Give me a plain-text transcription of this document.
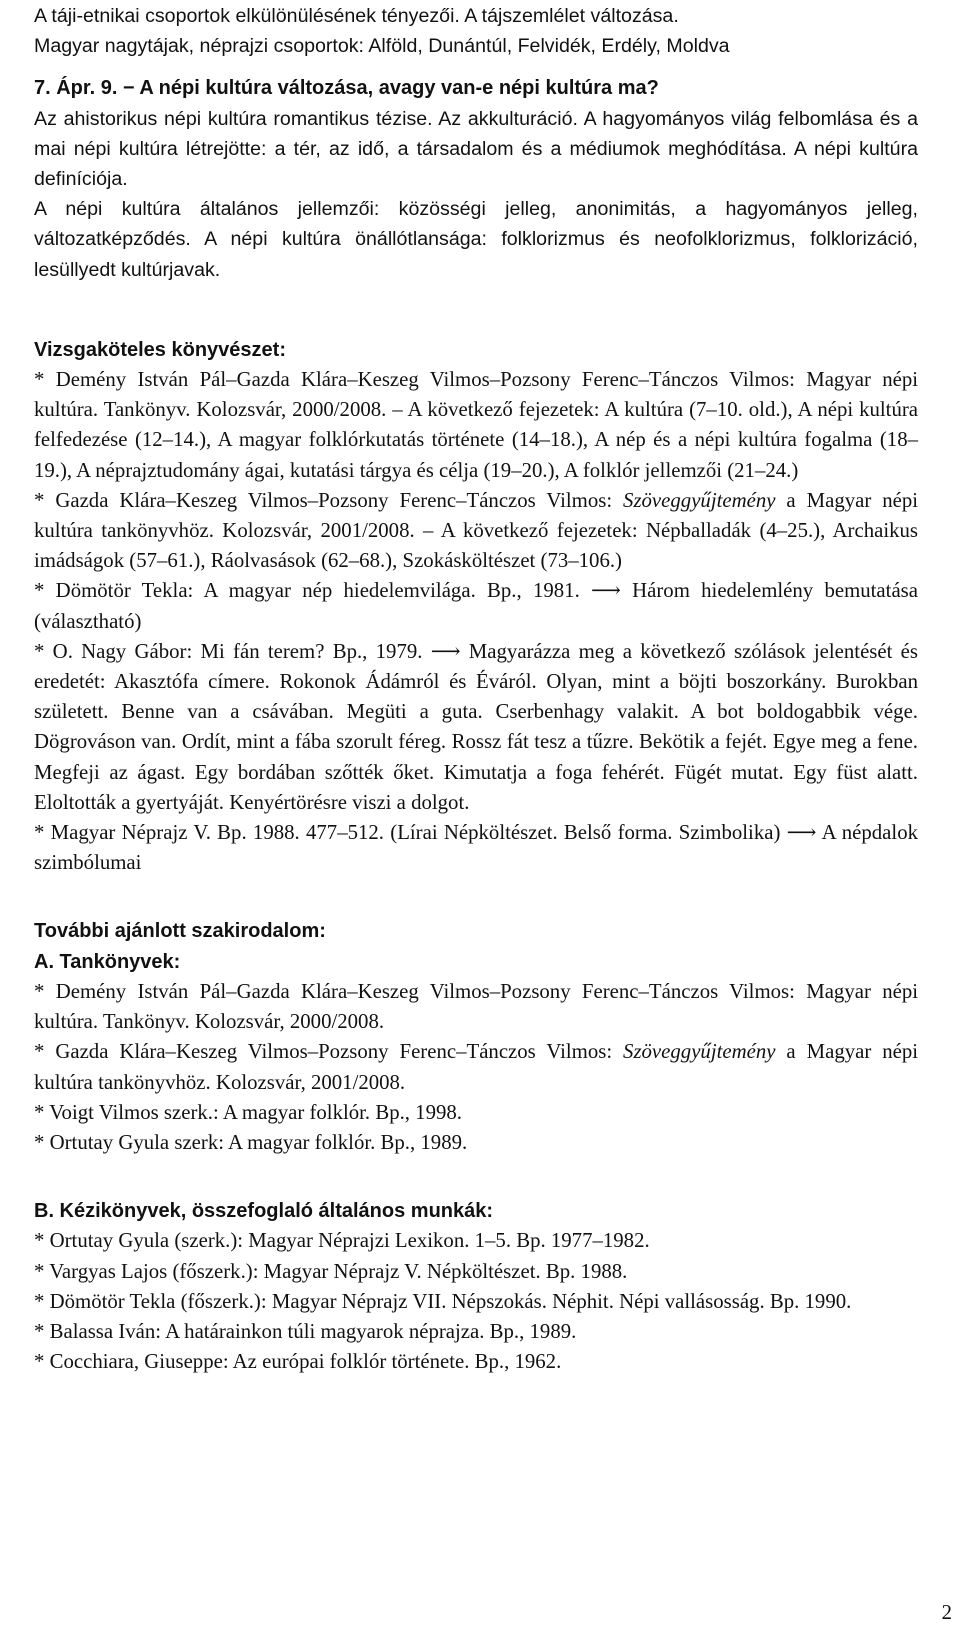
A táji-etnikai csoportok elkülönülésének tényezői. A tájszemlélet változása.

Magyar nagytájak, néprajzi csoportok: Alföld, Dunántúl, Felvidék, Erdély, Moldva

7. Ápr. 9. − A népi kultúra változása, avagy van-e népi kultúra ma?

Az ahistorikus népi kultúra romantikus tézise. Az akkulturáció. A hagyományos világ felbomlása és a mai népi kultúra létrejötte: a tér, az idő, a társadalom és a médiumok meghódítása. A népi kultúra definíciója.

A népi kultúra általános jellemzői: közösségi jelleg, anonimitás, a hagyományos jelleg, változatképződés. A népi kultúra önállótlansága: folklorizmus és neofolklorizmus, folklorizáció, lesüllyedt kultúrjavak.

Vizsgaköteles könyvészet:

* Demény István Pál–Gazda Klára–Keszeg Vilmos–Pozsony Ferenc–Tánczos Vilmos: Magyar népi kultúra. Tankönyv. Kolozsvár, 2000/2008. – A következő fejezetek: A kultúra (7–10. old.), A népi kultúra felfedezése (12–14.), A magyar folklórkutatás története (14–18.), A nép és a népi kultúra fogalma (18–19.), A néprajztudomány ágai, kutatási tárgya és célja (19–20.), A folklór jellemzői (21–24.)

* Gazda Klára–Keszeg Vilmos–Pozsony Ferenc–Tánczos Vilmos: Szöveggyűjtemény a Magyar népi kultúra tankönyvhöz. Kolozsvár, 2001/2008. – A következő fejezetek: Népballadák (4–25.), Archaikus imádságok (57–61.), Ráolvasások (62–68.), Szokásköltészet (73–106.)

* Dömötör Tekla: A magyar nép hiedelemvilága. Bp., 1981. ⟶ Három hiedelemlény bemutatása (választható)

* O. Nagy Gábor: Mi fán terem? Bp., 1979. ⟶ Magyarázza meg a következő szólások jelentését és eredetét: Akasztófa címere. Rokonok Ádámról és Éváról. Olyan, mint a böjti boszorkány. Burokban született. Benne van a csávában. Megüti a guta. Cserbenhagy valakit. A bot boldogabbik vége. Dögrováson van. Ordít, mint a fába szorult féreg. Rossz fát tesz a tűzre. Bekötik a fejét. Egye meg a fene. Megfeji az ágast. Egy bordában szőtték őket. Kimutatja a foga fehérét. Fügét mutat. Egy füst alatt. Eloltották a gyertyáját. Kenyértörésre viszi a dolgot.

* Magyar Néprajz V. Bp. 1988. 477–512. (Lírai Népköltészet. Belső forma. Szimbolika) ⟶ A népdalok szimbólumai

További ajánlott szakirodalom:

A. Tankönyvek:

* Demény István Pál–Gazda Klára–Keszeg Vilmos–Pozsony Ferenc–Tánczos Vilmos: Magyar népi kultúra. Tankönyv. Kolozsvár, 2000/2008.

* Gazda Klára–Keszeg Vilmos–Pozsony Ferenc–Tánczos Vilmos: Szöveggyűjtemény a Magyar népi kultúra tankönyvhöz. Kolozsvár, 2001/2008.

* Voigt Vilmos szerk.: A magyar folklór. Bp., 1998.

* Ortutay Gyula szerk: A magyar folklór. Bp., 1989.

B. Kézikönyvek, összefoglaló általános munkák:

* Ortutay Gyula (szerk.): Magyar Néprajzi Lexikon. 1–5. Bp. 1977–1982.

* Vargyas Lajos (főszerk.): Magyar Néprajz V. Népköltészet. Bp. 1988.

* Dömötör Tekla (főszerk.): Magyar Néprajz VII. Népszokás. Néphit. Népi vallásosság. Bp. 1990.

* Balassa Iván: A határainkon túli magyarok néprajza. Bp., 1989.

* Cocchiara, Giuseppe: Az európai folklór története. Bp., 1962.

2
